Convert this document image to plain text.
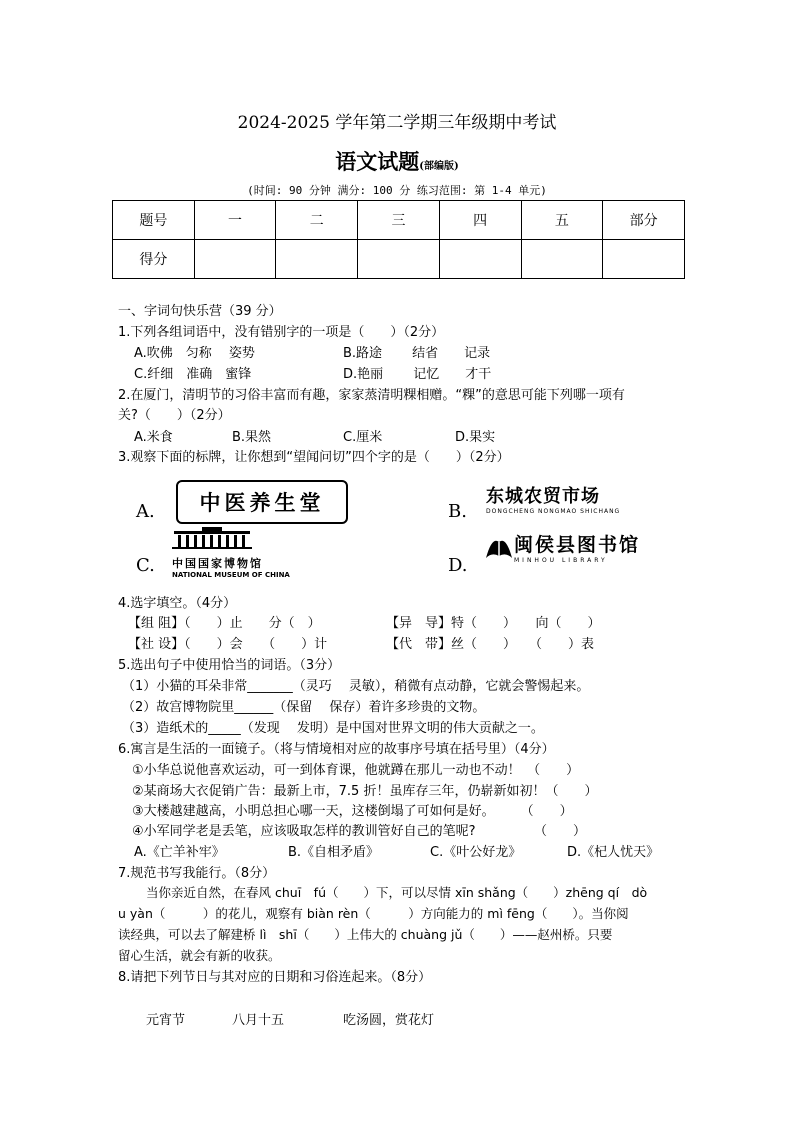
2024-2025 学年第二学期三年级期中考试
语文试题(部编版)
(时间: 90 分钟 满分: 100 分 练习范围: 第 1-4 单元)
题号	一	二	三	四	五	部分
得分						
一、字词句快乐营（39 分）
1.下列各组词语中，没有错别字的一项是（　　）（2分）
A.吹佛　匀称　 姿势	B.路途　　 结省　　记录
C.纤细　准确　蜜锋	D.艳丽　　 记忆　　才干
2.在厦门，清明节的习俗丰富而有趣，家家蒸清明粿相赠。“粿”的意思可能下列哪一项有
关?（　　）（2分）
A.米食	B.果然	C.厘米	D.果实
3.观察下面的标牌，让你想到“望闻问切”四个字的是（　　）（2分）
A.	中医养生堂	B.
东城农贸市场
DONGCHENG NONGMAO SHICHANG
C. 中国国家博物馆
NATIONAL MUSEUM OF CHINA	D.
闽侯县图书馆
MINHOU LIBRARY
4.选字填空。（4分）
【组 阻】（　　）止　　分（　）	【异　导】特（　　）　　向（　　）
【社 设】（　　）会　　（　　）计	【代　带】丝（　　）　　（　　）表
5.选出句子中使用恰当的词语。（3分）
（1）小猫的耳朵非常_______（灵巧　 灵敏），稍微有点动静，它就会警惕起来。
（2）故宫博物院里______（保留　 保存）着许多珍贵的文物。
（3）造纸术的_____（发现　 发明）是中国对世界文明的伟大贡献之一。
6.寓言是生活的一面镜子。（将与情境相对应的故事序号填在括号里）（4分）
①小华总说他喜欢运动，可一到体育课，他就蹲在那儿一动也不动！　（　　）
②某商场大衣促销广告：最新上市，7.5 折！虽库存三年，仍崭新如初！（　　）
③大楼越建越高，小明总担心哪一天，这楼倒塌了可如何是好。　　　（　　）
④小军同学老是丢笔，应该吸取怎样的教训管好自己的笔呢?　　　　　（　　）
A.《亡羊补牢》	B.《自相矛盾》	C.《叶公好龙》	D.《杞人忧天》
7.规范书写我能行。（8分）
当你亲近自然，在春风 chuī　fú（　　）下，可以尽情 xīn shǎng（　　）zhēng qí　dò
u yàn（　　　）的花儿，观察有 biàn rèn（　　　）方向能力的 mì fēng（　　）。当你阅
读经典，可以去了解建桥 lì　shī（　　）上伟大的 chuàng jǔ（　　）——赵州桥。只要
留心生活，就会有新的收获。
8.请把下列节日与其对应的日期和习俗连起来。（8分）
元宵节	八月十五	吃汤圆，赏花灯
